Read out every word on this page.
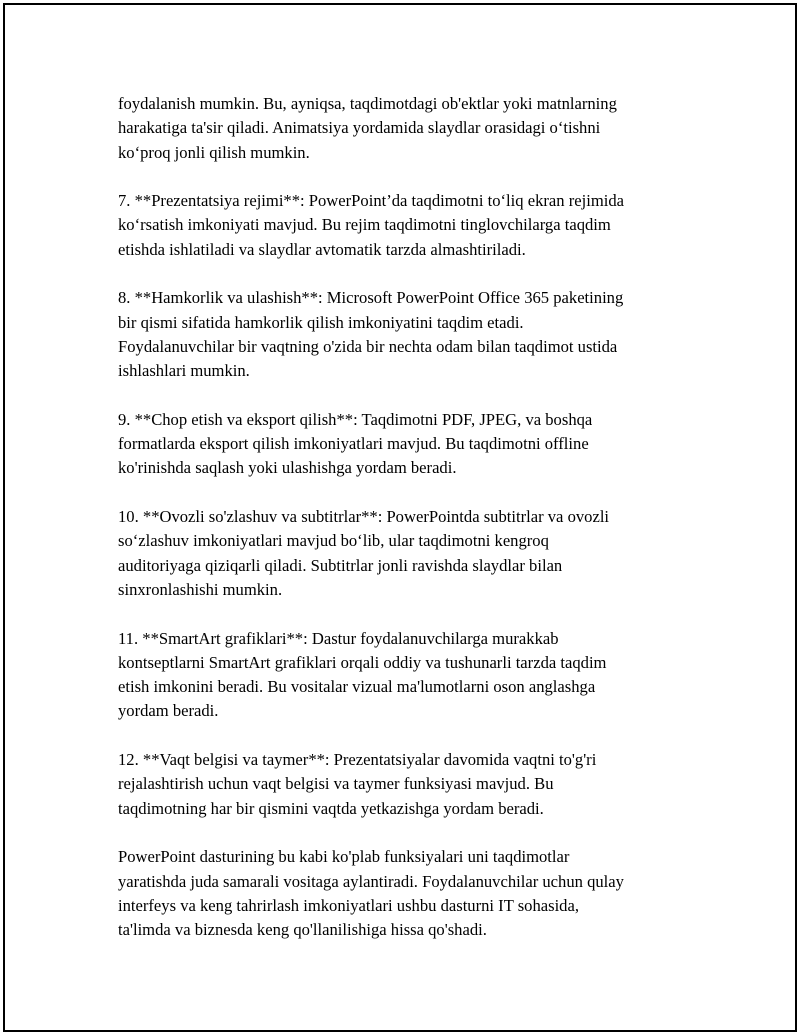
foydalanish mumkin. Bu, ayniqsa, taqdimotdagi ob'ektlar yoki matnlarning
harakatiga ta'sir qiladi. Animatsiya yordamida slaydlar orasidagi o‘tishni
ko‘proq jonli qilish mumkin.

7. **Prezentatsiya rejimi**: PowerPoint’da taqdimotni to‘liq ekran rejimida
ko‘rsatish imkoniyati mavjud. Bu rejim taqdimotni tinglovchilarga taqdim
etishda ishlatiladi va slaydlar avtomatik tarzda almashtiriladi.

8. **Hamkorlik va ulashish**: Microsoft PowerPoint Office 365 paketining
bir qismi sifatida hamkorlik qilish imkoniyatini taqdim etadi.
Foydalanuvchilar bir vaqtning o'zida bir nechta odam bilan taqdimot ustida
ishlashlari mumkin.

9. **Chop etish va eksport qilish**: Taqdimotni PDF, JPEG, va boshqa
formatlarda eksport qilish imkoniyatlari mavjud. Bu taqdimotni offline
ko'rinishda saqlash yoki ulashishga yordam beradi.

10. **Ovozli so'zlashuv va subtitrlar**: PowerPointda subtitrlar va ovozli
so‘zlashuv imkoniyatlari mavjud bo‘lib, ular taqdimotni kengroq
auditoriyaga qiziqarli qiladi. Subtitrlar jonli ravishda slaydlar bilan
sinxronlashishi mumkin.

11. **SmartArt grafiklari**: Dastur foydalanuvchilarga murakkab
kontseptlarni SmartArt grafiklari orqali oddiy va tushunarli tarzda taqdim
etish imkonini beradi. Bu vositalar vizual ma'lumotlarni oson anglashga
yordam beradi.

12. **Vaqt belgisi va taymer**: Prezentatsiyalar davomida vaqtni to'g'ri
rejalashtirish uchun vaqt belgisi va taymer funksiyasi mavjud. Bu
taqdimotning har bir qismini vaqtda yetkazishga yordam beradi.

PowerPoint dasturining bu kabi ko'plab funksiyalari uni taqdimotlar
yaratishda juda samarali vositaga aylantiradi. Foydalanuvchilar uchun qulay
interfeys va keng tahrirlash imkoniyatlari ushbu dasturni IT sohasida,
ta'limda va biznesda keng qo'llanilishiga hissa qo'shadi.
